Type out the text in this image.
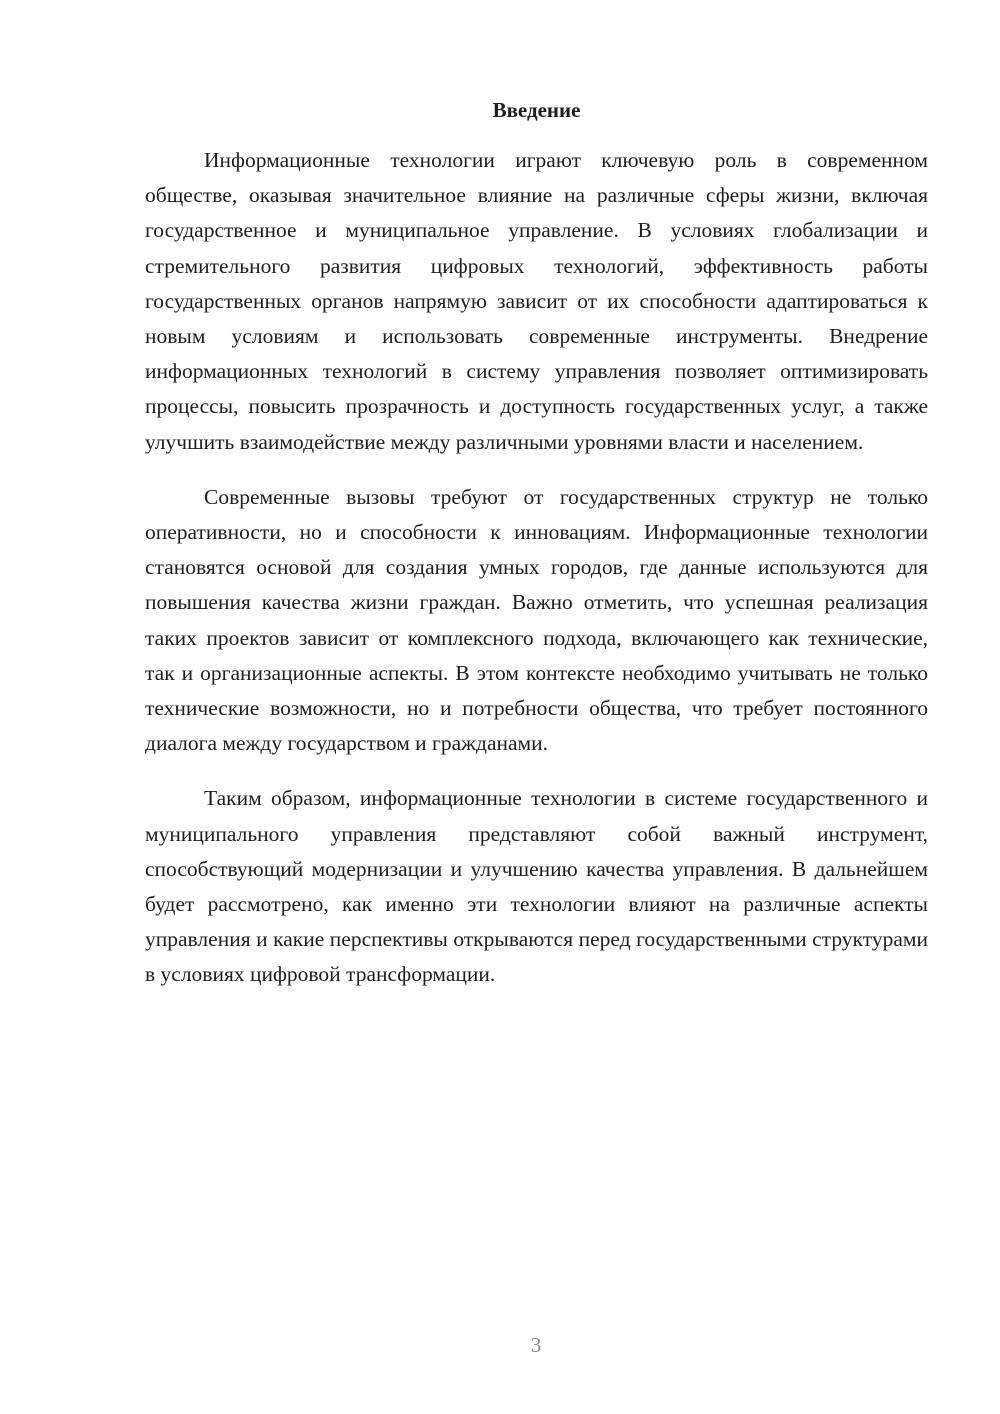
Введение

Информационные технологии играют ключевую роль в современном обществе, оказывая значительное влияние на различные сферы жизни, включая государственное и муниципальное управление. В условиях глобализации и стремительного развития цифровых технологий, эффективность работы государственных органов напрямую зависит от их способности адаптироваться к новым условиям и использовать современные инструменты. Внедрение информационных технологий в систему управления позволяет оптимизировать процессы, повысить прозрачность и доступность государственных услуг, а также улучшить взаимодействие между различными уровнями власти и населением.

Современные вызовы требуют от государственных структур не только оперативности, но и способности к инновациям. Информационные технологии становятся основой для создания умных городов, где данные используются для повышения качества жизни граждан. Важно отметить, что успешная реализация таких проектов зависит от комплексного подхода, включающего как технические, так и организационные аспекты. В этом контексте необходимо учитывать не только технические возможности, но и потребности общества, что требует постоянного диалога между государством и гражданами.

Таким образом, информационные технологии в системе государственного и муниципального управления представляют собой важный инструмент, способствующий модернизации и улучшению качества управления. В дальнейшем будет рассмотрено, как именно эти технологии влияют на различные аспекты управления и какие перспективы открываются перед государственными структурами в условиях цифровой трансформации.

3
